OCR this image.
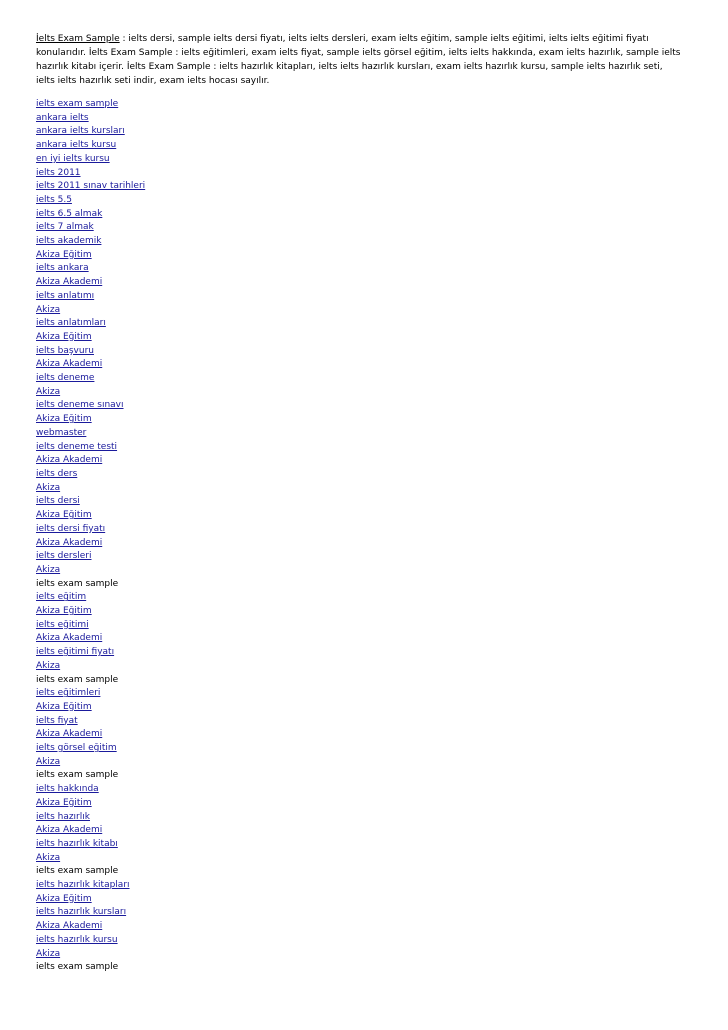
İelts Exam Sample : ielts dersi, sample ielts dersi fiyatı, ielts ielts dersleri, exam ielts eğitim, sample ielts eğitimi, ielts ielts eğitimi fiyatı konularıdır. İelts Exam Sample : ielts eğitimleri, exam ielts fiyat, sample ielts görsel eğitim, ielts ielts hakkında, exam ielts hazırlık, sample ielts hazırlık kitabı içerir. İelts Exam Sample : ielts hazırlık kitapları, ielts ielts hazırlık kursları, exam ielts hazırlık kursu, sample ielts hazırlık seti, ielts ielts hazırlık seti indir, exam ielts hocası sayılır.

ielts exam sample
ankara ielts
ankara ielts kursları
ankara ielts kursu
en iyi ielts kursu
ielts 2011
ielts 2011 sınav tarihleri
ielts 5.5
ielts 6.5 almak
ielts 7 almak
ielts akademik
Akiza Eğitim
ielts ankara
Akiza Akademi
ielts anlatımı
Akiza
ielts anlatımları
Akiza Eğitim
ielts başvuru
Akiza Akademi
ielts deneme
Akiza
ielts deneme sınavı
Akiza Eğitim
webmaster
ielts deneme testi
Akiza Akademi
ielts ders
Akiza
ielts dersi
Akiza Eğitim
ielts dersi fiyatı
Akiza Akademi
ielts dersleri
Akiza
ielts exam sample
ielts eğitim
Akiza Eğitim
ielts eğitimi
Akiza Akademi
ielts eğitimi fiyatı
Akiza
ielts exam sample
ielts eğitimleri
Akiza Eğitim
ielts fiyat
Akiza Akademi
ielts görsel eğitim
Akiza
ielts exam sample
ielts hakkında
Akiza Eğitim
ielts hazırlık
Akiza Akademi
ielts hazırlık kitabı
Akiza
ielts exam sample
ielts hazırlık kitapları
Akiza Eğitim
ielts hazırlık kursları
Akiza Akademi
ielts hazırlık kursu
Akiza
ielts exam sample
